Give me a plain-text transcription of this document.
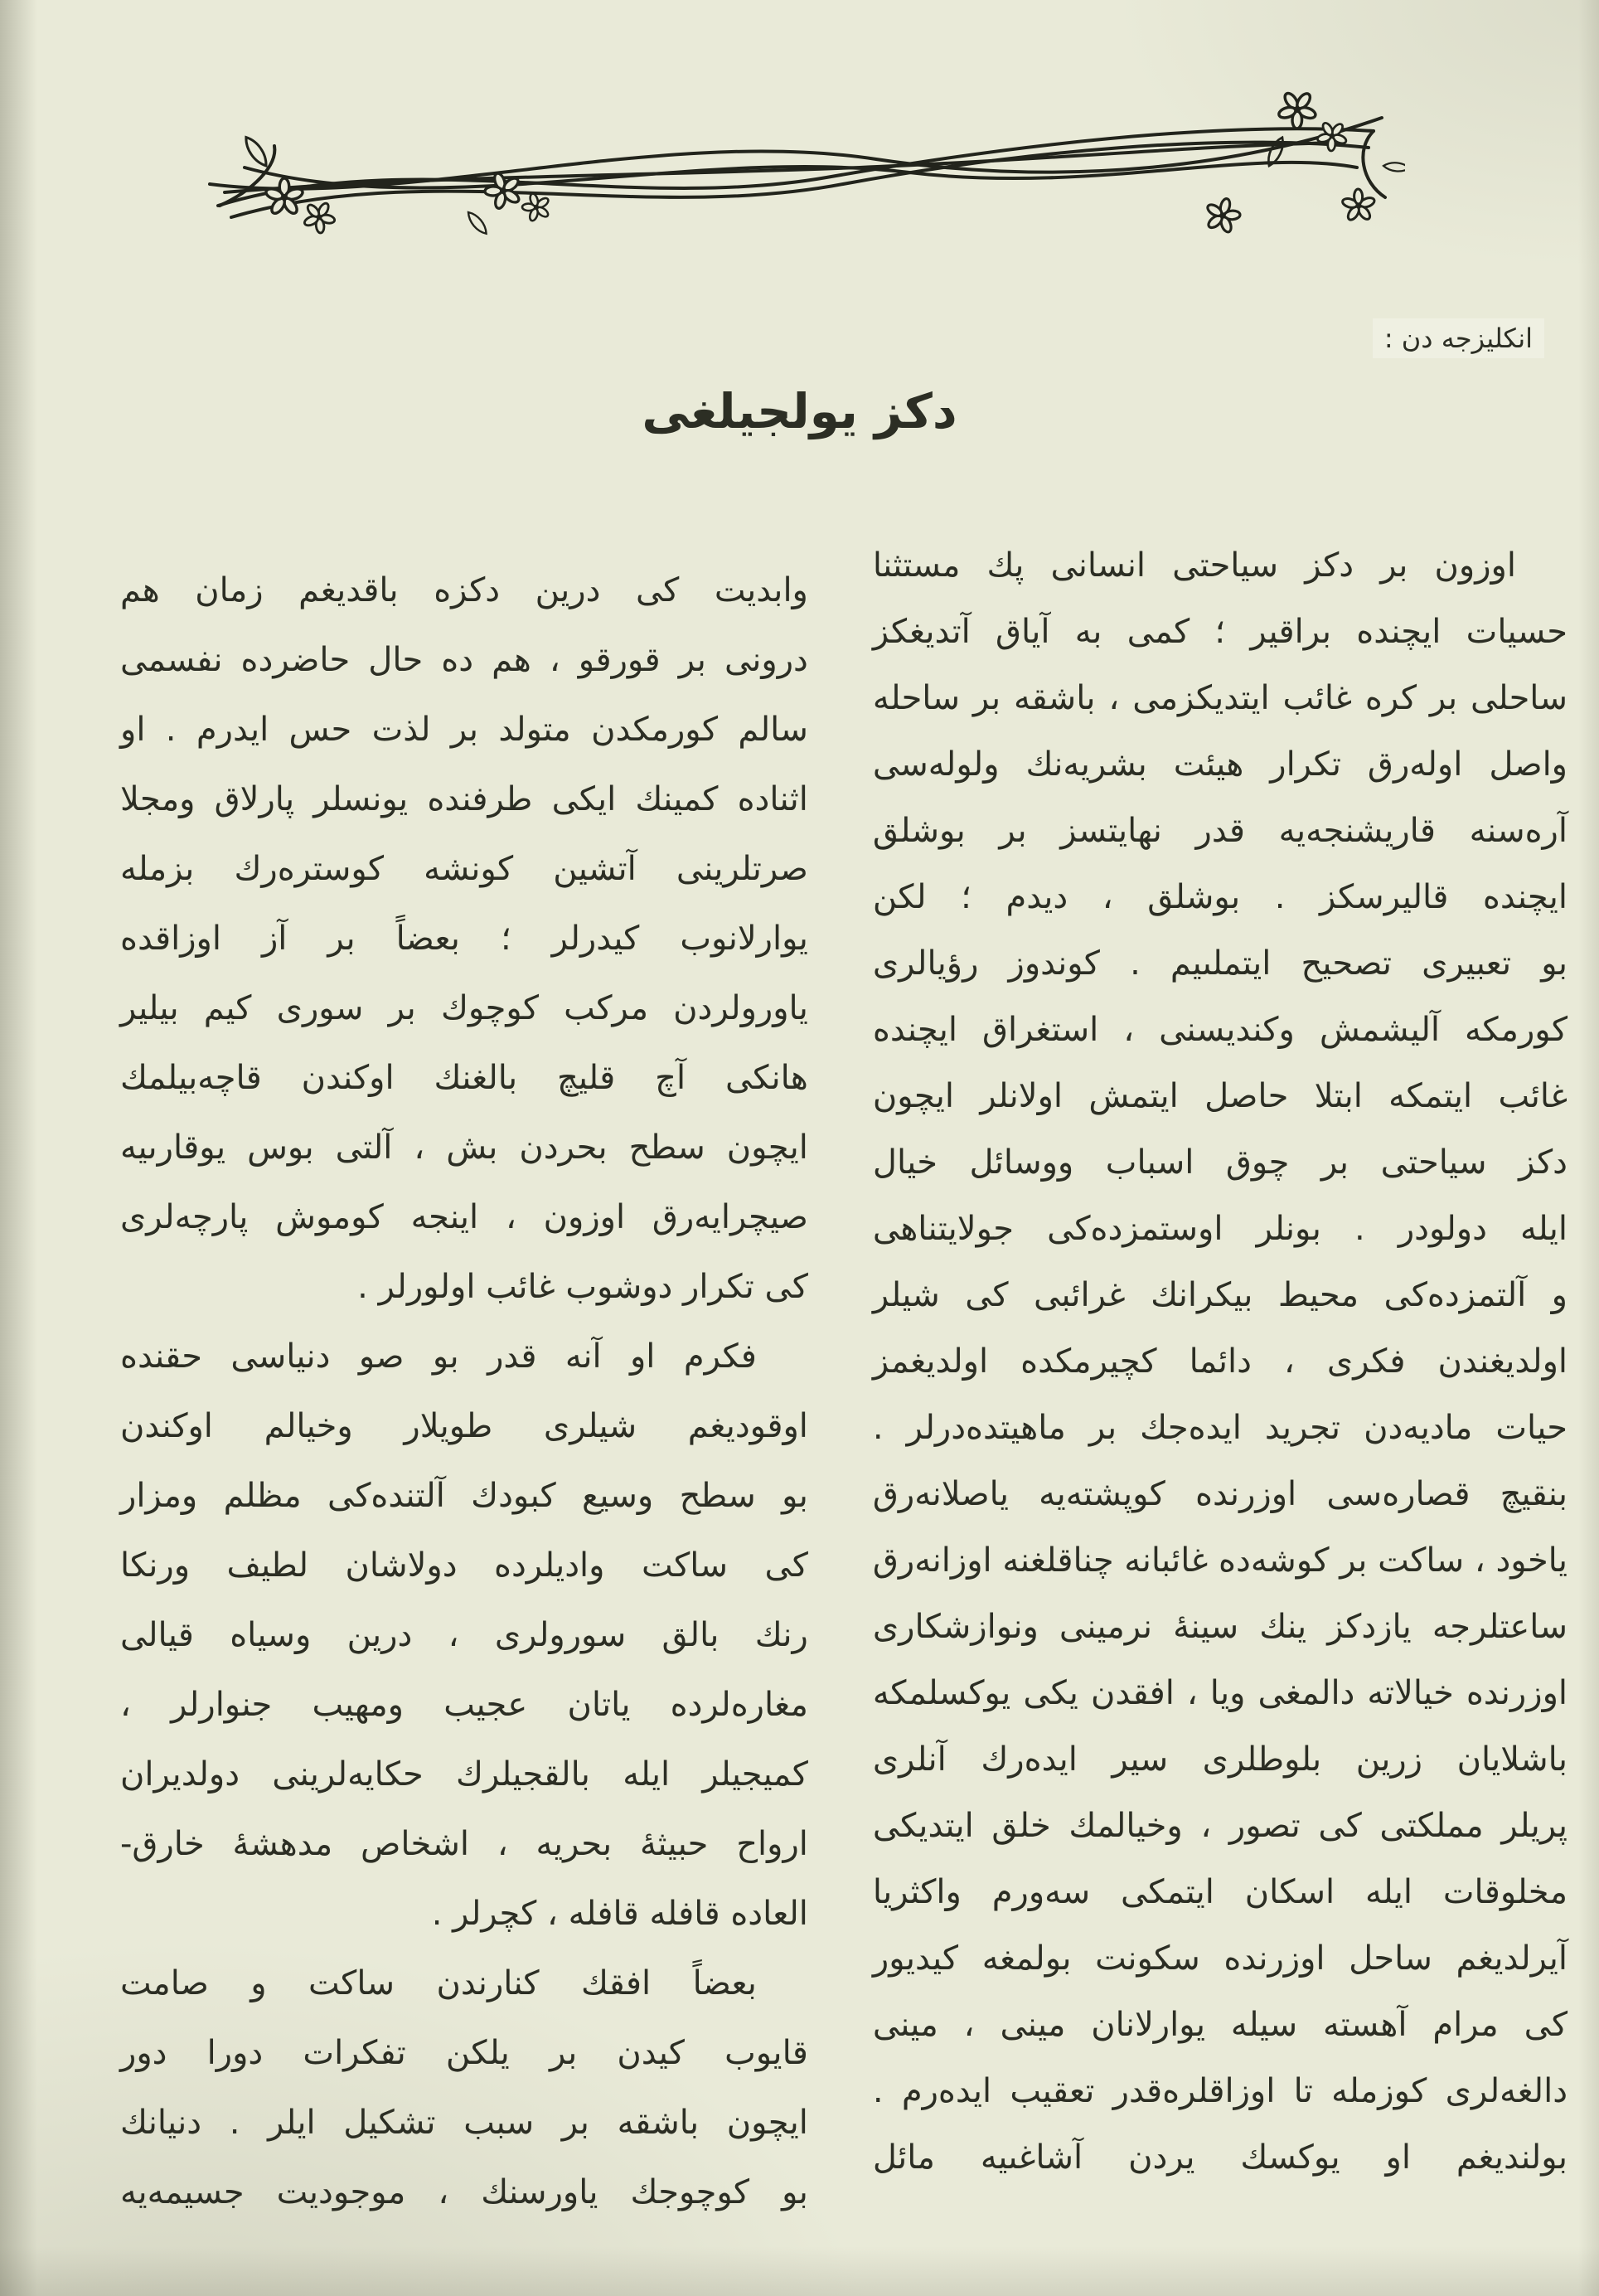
انكليزجه دن :
دكز يولجيلغى
اوزون بر دكز سياحتى انسانى پك مستثنا
حسيات ايچنده براقير ؛ كمى به آياق آتديغكز
ساحلى بر كره غائب ايتديكزمى ، باشقه بر ساحله
واصل اولەرق تكرار هيئت بشريەنك ولولەسى
آرەسنه قاريشنجەيه قدر نهايتسز بر بوشلق
ايچنده قاليرسكز . بوشلق ، ديدم ؛ لكن
بو تعبيرى تصحيح ايتملىيم . كوندوز رؤيالرى
كورمكه آليشمش وكنديسنى ، استغراق ايچنده
غائب ايتمكه ابتلا حاصل ايتمش اولانلر ايچون
دكز سياحتى بر چوق اسباب ووسائل خيال
ايله دولودر . بونلر اوستمزدەكى جولايتناهى
و آلتمزدەكى محيط بيكرانك غرائبى كى شيلر
اولديغندن فكرى ، دائما كچيرمكده اولديغمز
حيات ماديەدن تجريد ايدەجك بر ماهيتدەدرلر .
بنقيچ قصارەسى اوزرنده كوپشتەيه ياصلانەرق
ياخود ، ساكت بر كوشەده غائبانه چناقلغنه اوزانەرق
ساعتلرجه يازدكز ينك سينۀ نرمينى ونوازشكارى
اوزرنده خيالاته دالمغى ويا ، افقدن يكى يوكسلمكه
باشلايان زرين بلوطلرى سير ايدەرك آنلرى
پريلر مملكتى كى تصور ، وخيالمك خلق ايتديكى
مخلوقات ايله اسكان ايتمكى سەورم واكثريا
آيرلديغم ساحل اوزرنده سكونت بولمغه كيديور
كى مرام آهسته سيله يوارلانان مينى ، مينى
دالغەلرى كوزمله تا اوزاقلرەقدر تعقيب ايدەرم .
بولنديغم او يوكسك يردن آشاغىيه مائل
وابديت كى درين دكزه باقديغم زمان هم
درونى بر قورقو ، هم ده حال حاضرده نفسمى
سالم كورمكدن متولد بر لذت حس ايدرم . او
اثناده كمينك ايكى طرفنده يونسلر پارلاق ومجلا
صرتلرينى آتشين كونشه كوسترەرك بزمله
يوارلانوب كيدرلر ؛ بعضاً بر آز اوزاقده
ياورولردن مركب كوچوك بر سورى كيم بيلير
هانكى آچ قليچ بالغنك اوكندن قاچەبيلمك
ايچون سطح بحردن بش ، آلتى بوس يوقارىيه
صيچرايەرق اوزون ، اينجه كوموش پارچەلرى
كى تكرار دوشوب غائب اولورلر .
فكرم او آنه قدر بو صو دنياسى حقنده
اوقوديغم شيلرى طويلار وخيالم اوكندن
بو سطح وسيع كبودك آلتندەكى مظلم ومزار
كى ساكت واديلرده دولاشان لطيف ورنكا
رنك بالق سورولرى ، درين وسياه قيالى
مغارەلرده ياتان عجيب ومهيب جنوارلر ،
كميجيلر ايله بالقجيلرك حكايەلرينى دولديران
ارواح حبيثۀ بحريه ، اشخاص مدهشۀ خارق-
العاده قافله قافله ، كچرلر .
بعضاً افقك كنارندن ساكت و صامت
قايوب كيدن بر يلكن تفكرات دورا دور
ايچون باشقه بر سبب تشكيل ايلر . دنيانك
بو كوچوجك ياورسنك ، موجوديت جسيمەيه
